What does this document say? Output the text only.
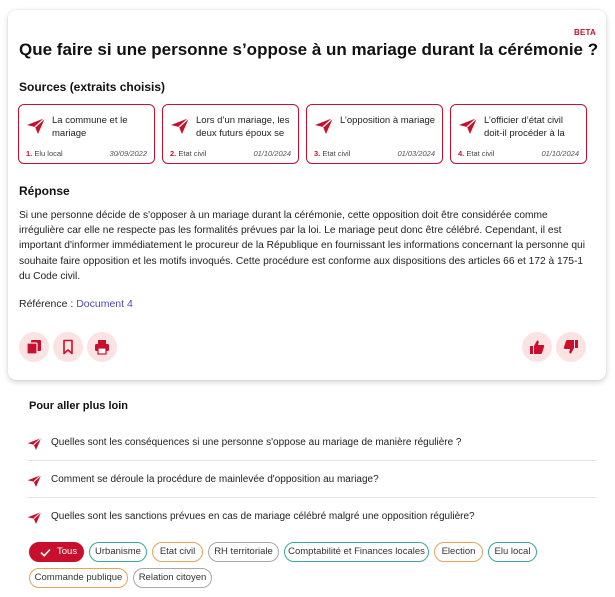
BETA
Que faire si une personne s’oppose à un mariage durant la cérémonie ?
Sources (extraits choisis)
La commune et le mariage
1. Elu local	30/09/2022
Lors d’un mariage, les deux futurs époux se
2. Etat civil	01/10/2024
L’opposition à mariage
3. Etat civil	01/03/2024
L’officier d’état civil doit-il procéder à la
4. Etat civil	01/10/2024
Réponse

Si une personne décide de s'opposer à un mariage durant la cérémonie, cette opposition doit être considérée comme irrégulière car elle ne respecte pas les formalités prévues par la loi. Le mariage peut donc être célébré. Cependant, il est important d'informer immédiatement le procureur de la République en fournissant les informations concernant la personne qui souhaite faire opposition et les motifs invoqués. Cette procédure est conforme aux dispositions des articles 66 et 172 à 175-1 du Code civil.

Référence : Document 4
Pour aller plus loin
Quelles sont les conséquences si une personne s'oppose au mariage de manière régulière ?
Comment se déroule la procédure de mainlevée d'opposition au mariage?
Quelles sont les sanctions prévues en cas de mariage célébré malgré une opposition régulière?
Tous	Urbanisme	Etat civil	RH territoriale	Comptabilité et Finances locales	Election	Elu local
Commande publique	Relation citoyen
